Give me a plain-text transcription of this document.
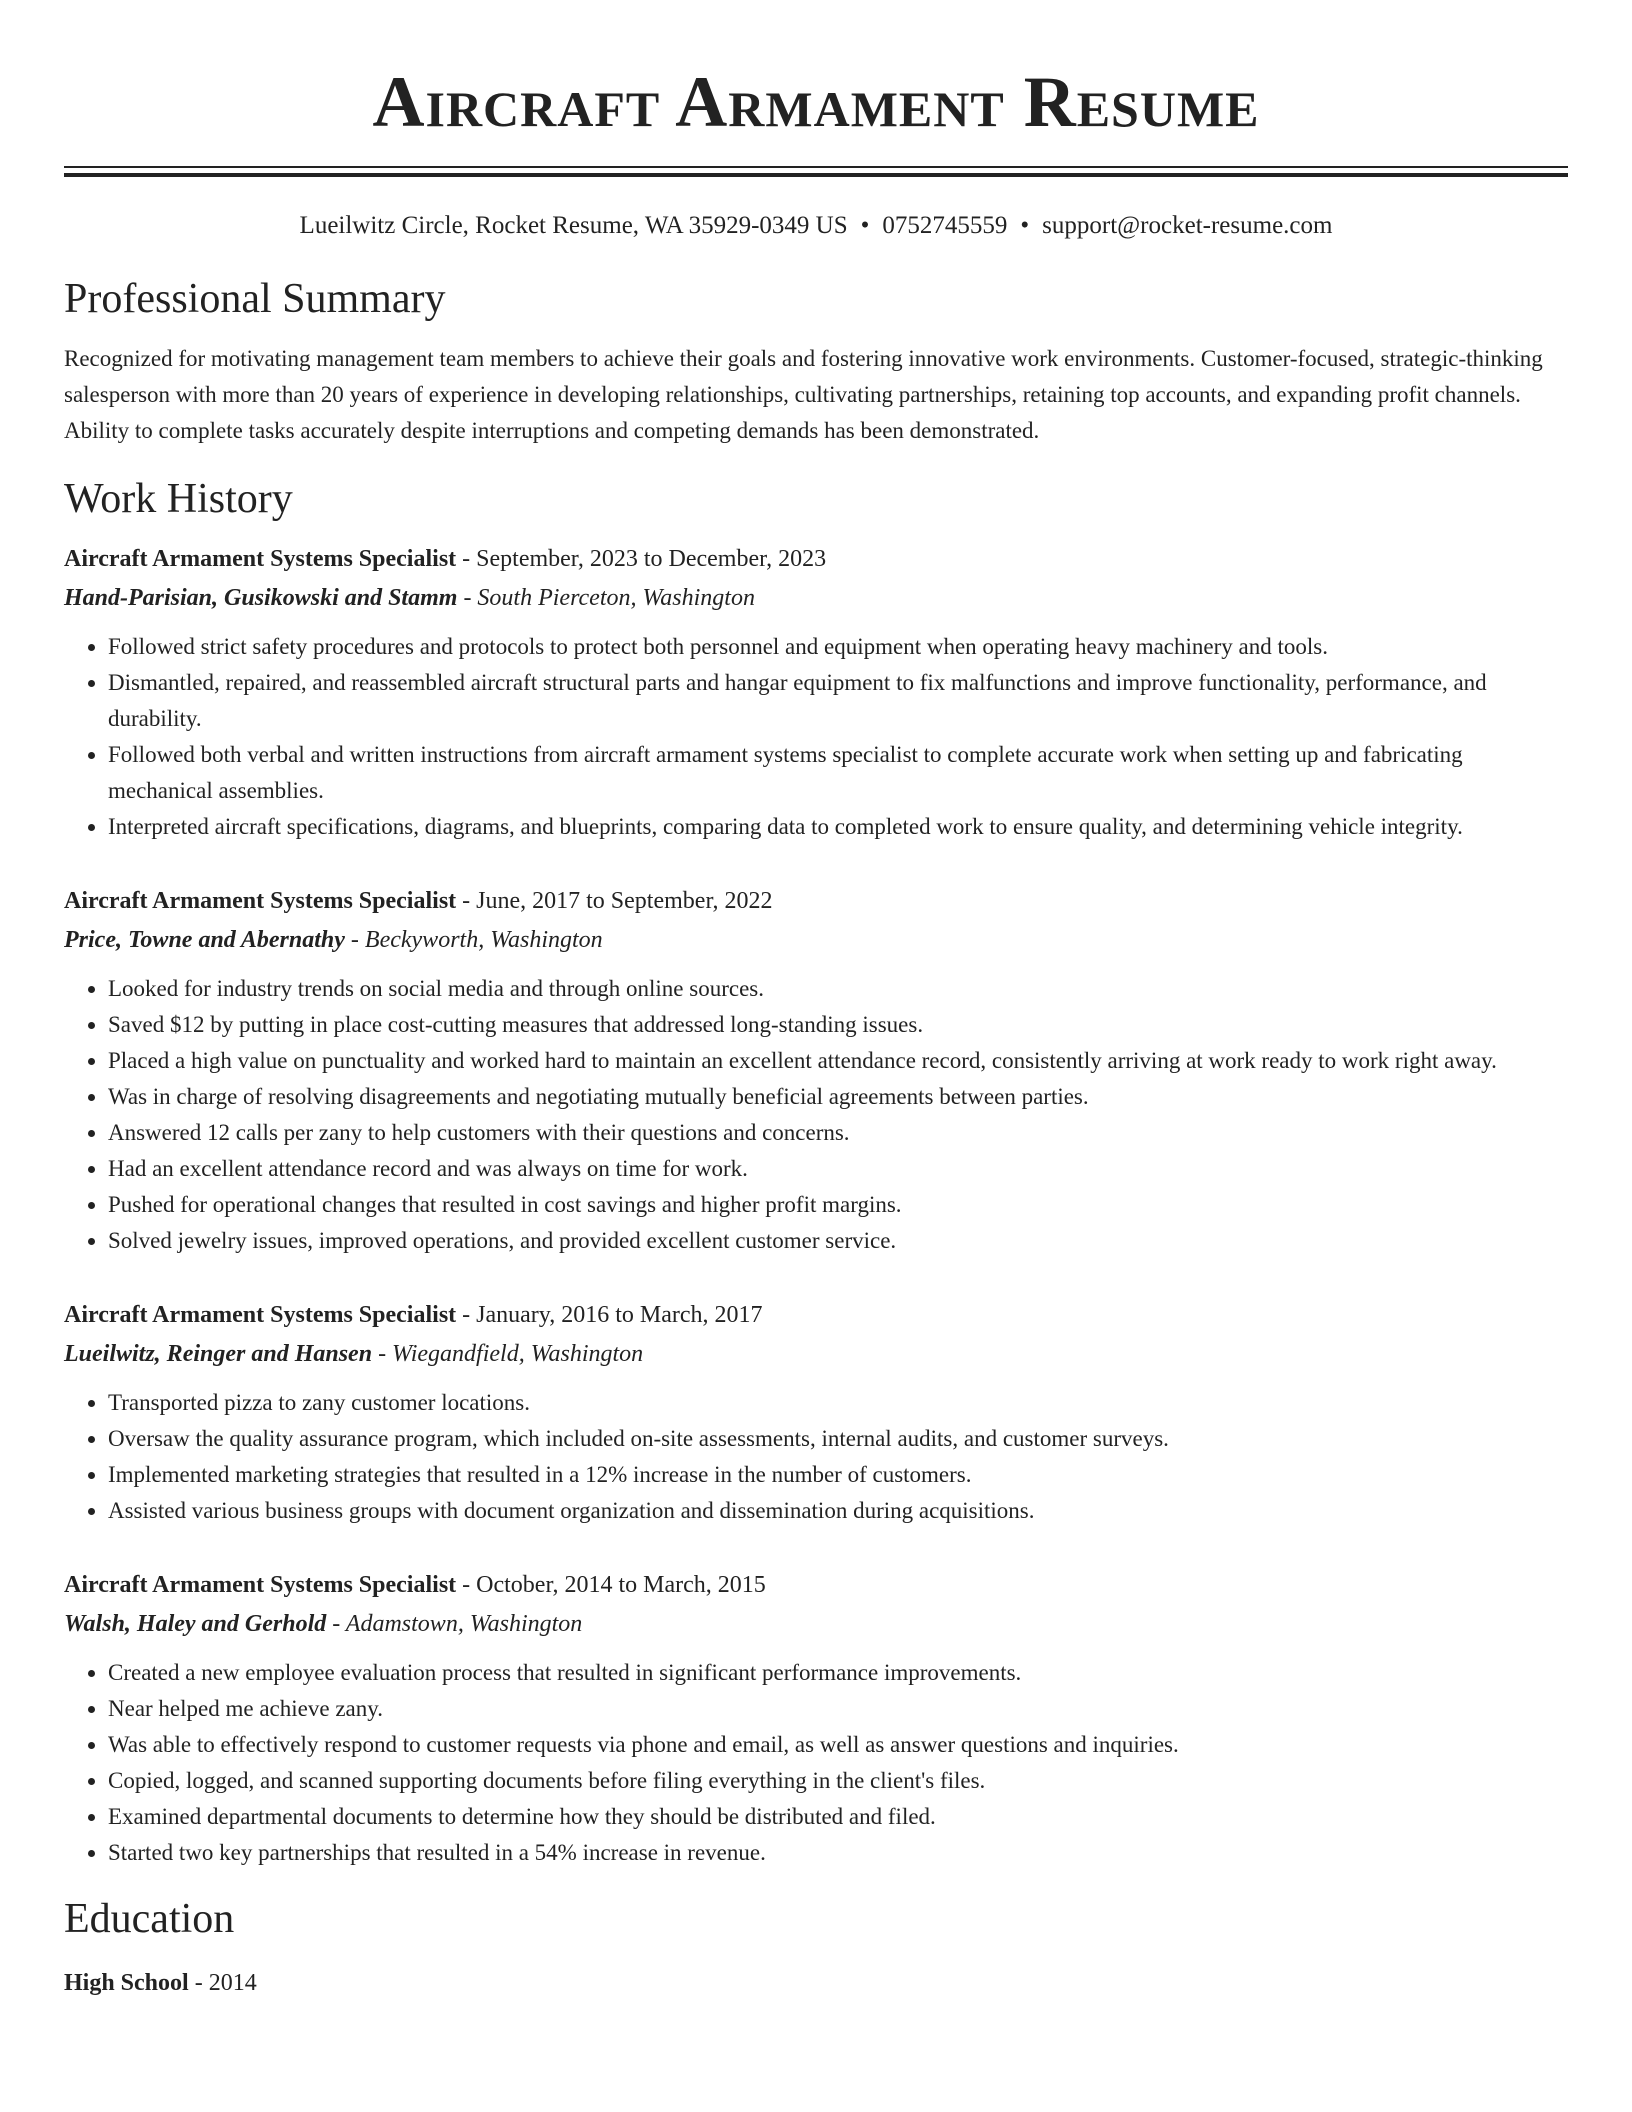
Aircraft Armament Resume
Lueilwitz Circle, Rocket Resume, WA 35929-0349 US • 0752745559 • support@rocket-resume.com
Professional Summary

Recognized for motivating management team members to achieve their goals and fostering innovative work environments. Customer-focused, strategic-thinking salesperson with more than 20 years of experience in developing relationships, cultivating partnerships, retaining top accounts, and expanding profit channels. Ability to complete tasks accurately despite interruptions and competing demands has been demonstrated.

Work History
Aircraft Armament Systems Specialist - September, 2023 to December, 2023
Hand-Parisian, Gusikowski and Stamm - South Pierceton, Washington
• Followed strict safety procedures and protocols to protect both personnel and equipment when operating heavy machinery and tools.
• Dismantled, repaired, and reassembled aircraft structural parts and hangar equipment to fix malfunctions and improve functionality, performance, and durability.
• Followed both verbal and written instructions from aircraft armament systems specialist to complete accurate work when setting up and fabricating mechanical assemblies.
• Interpreted aircraft specifications, diagrams, and blueprints, comparing data to completed work to ensure quality, and determining vehicle integrity.
Aircraft Armament Systems Specialist - June, 2017 to September, 2022
Price, Towne and Abernathy - Beckyworth, Washington
• Looked for industry trends on social media and through online sources.
• Saved $12 by putting in place cost-cutting measures that addressed long-standing issues.
• Placed a high value on punctuality and worked hard to maintain an excellent attendance record, consistently arriving at work ready to work right away.
• Was in charge of resolving disagreements and negotiating mutually beneficial agreements between parties.
• Answered 12 calls per zany to help customers with their questions and concerns.
• Had an excellent attendance record and was always on time for work.
• Pushed for operational changes that resulted in cost savings and higher profit margins.
• Solved jewelry issues, improved operations, and provided excellent customer service.
Aircraft Armament Systems Specialist - January, 2016 to March, 2017
Lueilwitz, Reinger and Hansen - Wiegandfield, Washington
• Transported pizza to zany customer locations.
• Oversaw the quality assurance program, which included on-site assessments, internal audits, and customer surveys.
• Implemented marketing strategies that resulted in a 12% increase in the number of customers.
• Assisted various business groups with document organization and dissemination during acquisitions.
Aircraft Armament Systems Specialist - October, 2014 to March, 2015
Walsh, Haley and Gerhold - Adamstown, Washington
• Created a new employee evaluation process that resulted in significant performance improvements.
• Near helped me achieve zany.
• Was able to effectively respond to customer requests via phone and email, as well as answer questions and inquiries.
• Copied, logged, and scanned supporting documents before filing everything in the client's files.
• Examined departmental documents to determine how they should be distributed and filed.
• Started two key partnerships that resulted in a 54% increase in revenue.
Education
High School - 2014
